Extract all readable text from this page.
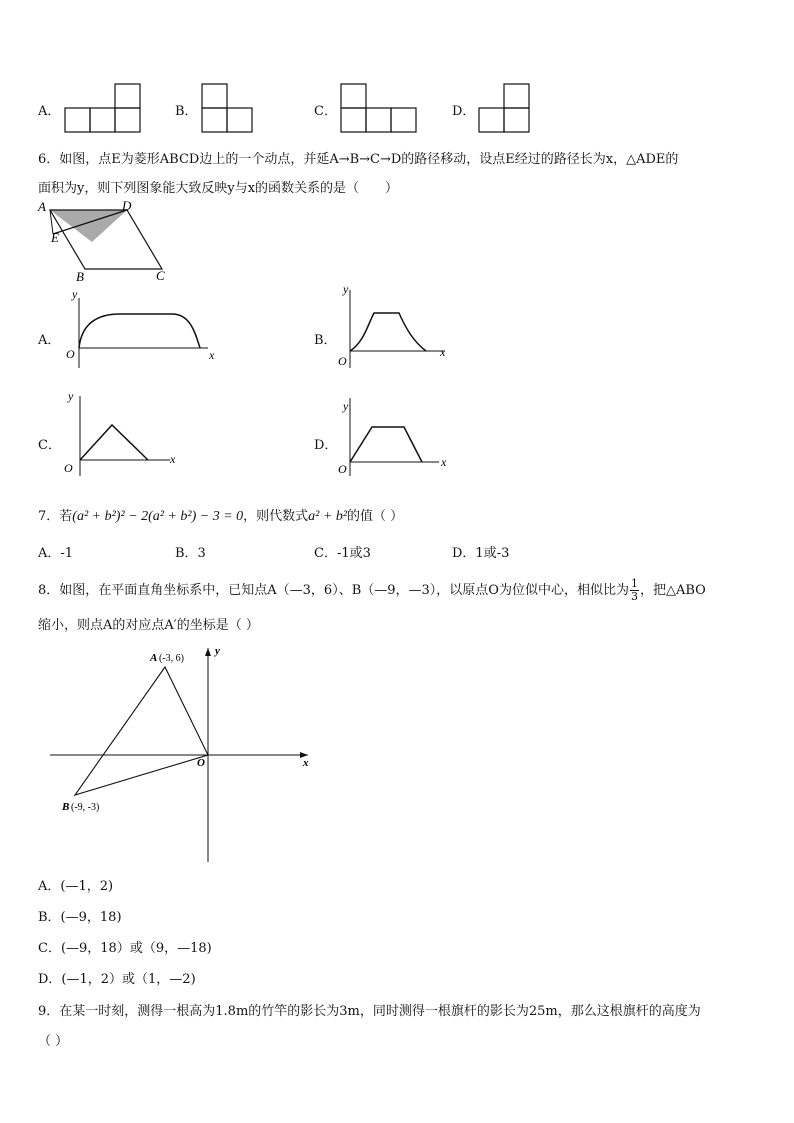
A．	B．	C．	D．
6．如图，点E为菱形ABCD边上的一个动点，并延A→B→C→D的路径移动，设点E经过的路径长为x，△ADE的
面积为y，则下列图象能大致反映y与x的函数关系的是（　　）
A	D
E
B	C
A．
y
x
O
B．
y
x
O
C．
y
x
O
D．
y
x
O
7．若(a² + b²)² − 2(a² + b²) − 3 = 0，则代数式a² + b²的值（ ）
A．-1	B．3	C．-1或3	D．1或-3
8．如图，在平面直角坐标系中，已知点A（—3，6）、B（—9，—3），以原点O为位似中心，相似比为 $\frac{1}{3}$ ，把△ABO
缩小，则点A的对应点A′的坐标是（ ）
A (-3, 6)
B (-9, -3)
O	x
y
A．(—1，2)
B．(—9，18)
C．(—9，18）或（9，—18)
D．(—1，2）或（1，—2)
9．在某一时刻，测得一根高为1.8m的竹竿的影长为3m，同时测得一根旗杆的影长为25m，那么这根旗杆的高度为
（ ）
